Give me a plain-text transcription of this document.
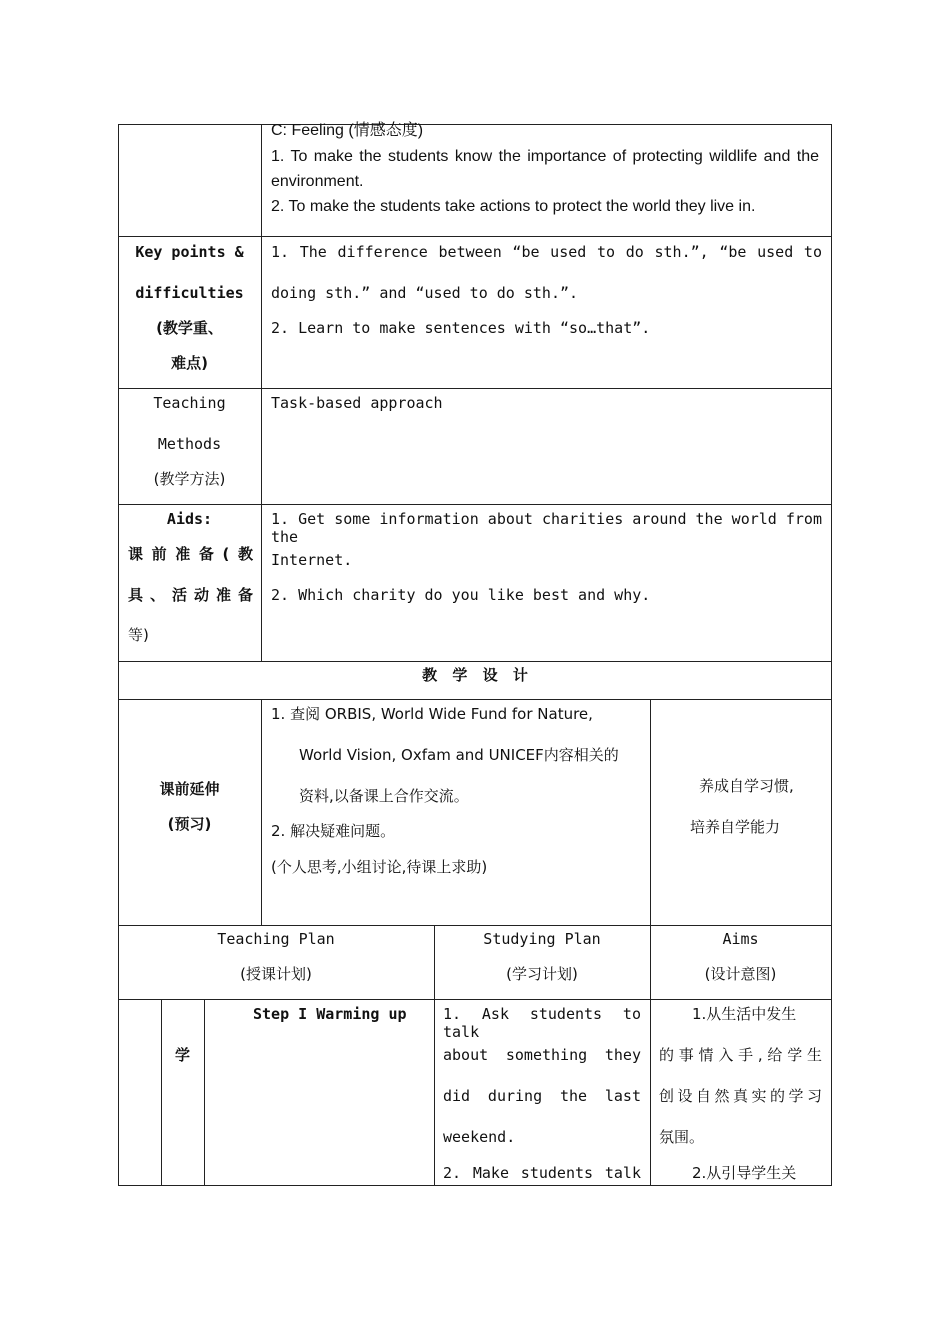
C: Feeling (情感态度)
1. To make the students know the importance of protecting wildlife and the
environment.
2. To make the students take actions to protect the world they live in.
Key points &
difficulties
(教学重、
难点)
1. The difference between “be used to do sth.”, “be used to
doing sth.” and “used to do sth.”.
2. Learn to make sentences with “so…that”.
Teaching
Methods
(教学方法)
Task-based approach
Aids:
课前准备(教
具、活动准备
等)
1. Get some information about charities around the world from the
Internet.
2. Which charity do you like best and why.
教 学 设 计
课前延伸
(预习)
1. 查阅 ORBIS, World Wide Fund for Nature,
World Vision, Oxfam and UNICEF内容相关的
资料,以备课上合作交流。
2. 解决疑难问题。
(个人思考,小组讨论,待课上求助)
养成自学习惯,
培养自学能力
Teaching Plan
(授课计划)
Studying Plan
(学习计划)
Aims
(设计意图)
学
Step I Warming up 1. Ask students to talk
about something they
did during the last
weekend.
2. Make students talk
1.从生活中发生
的事情入手,给学生
创设自然真实的学习
氛围。
2.从引导学生关
